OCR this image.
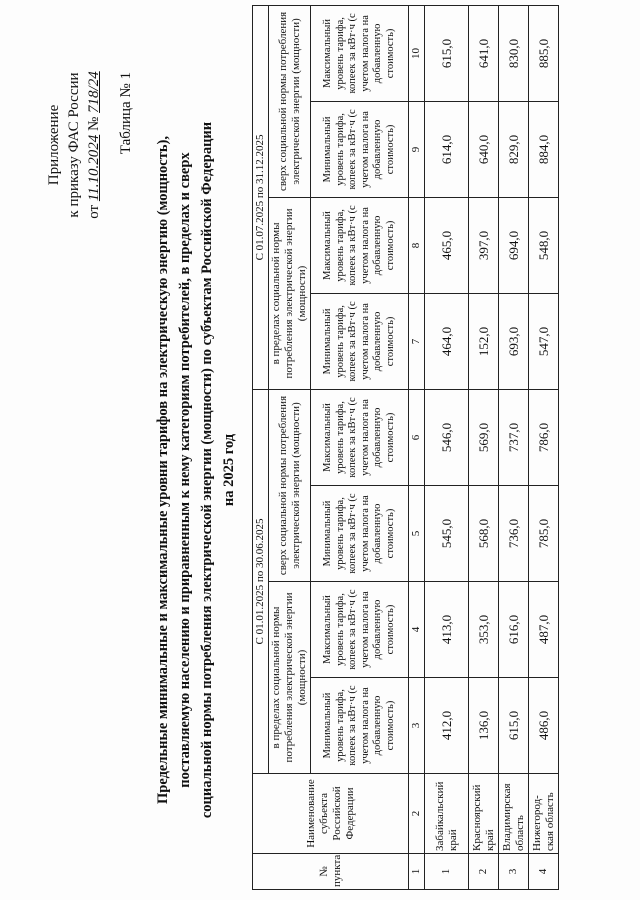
Приложение к приказу ФАС России от 11.10.2024 № 718/24 Таблица № 1
Предельные минимальные и максимальные уровни тарифов на электрическую энергию (мощность), поставляемую населению и приравненным к нему категориям потребителей, в пределах и сверх социальной нормы потребления электрической энергии (мощности) по субъектам Российской Федерации на 2025 год
№ пункта	Наименование субъекта Российской Федерации	С 01.01.2025 по 30.06.2025				С 01.07.2025 по 31.12.2025			
		в пределах социальной нормы потребления электрической энергии (мощности)		сверх социальной нормы потребления электрической энергии (мощности)		в пределах социальной нормы потребления электрической энергии (мощности)		сверх социальной нормы потребления электрической энергии (мощности)	
		Минимальный уровень тарифа, копеек за кВт·ч (с учетом налога на добавленную стоимость)	Максимальный уровень тарифа, копеек за кВт·ч (с учетом налога на добавленную стоимость)	Минимальный уровень тарифа, копеек за кВт·ч (с учетом налога на добавленную стоимость)	Максимальный уровень тарифа, копеек за кВт·ч (с учетом налога на добавленную стоимость)	Минимальный уровень тарифа, копеек за кВт·ч (с учетом налога на добавленную стоимость)	Максимальный уровень тарифа, копеек за кВт·ч (с учетом налога на добавленную стоимость)	Минимальный уровень тарифа, копеек за кВт·ч (с учетом налога на добавленную стоимость)	Максимальный уровень тарифа, копеек за кВт·ч (с учетом налога на добавленную стоимость)
1	2	3	4	5	6	7	8	9	10
1	Забайкальский край	412,0	413,0	545,0	546,0	464,0	465,0	614,0	615,0
2	Красноярский край	136,0	353,0	568,0	569,0	152,0	397,0	640,0	641,0
3	Владимирская область	615,0	616,0	736,0	737,0	693,0	694,0	829,0	830,0
4	Нижегород-ская область	486,0	487,0	785,0	786,0	547,0	548,0	884,0	885,0
